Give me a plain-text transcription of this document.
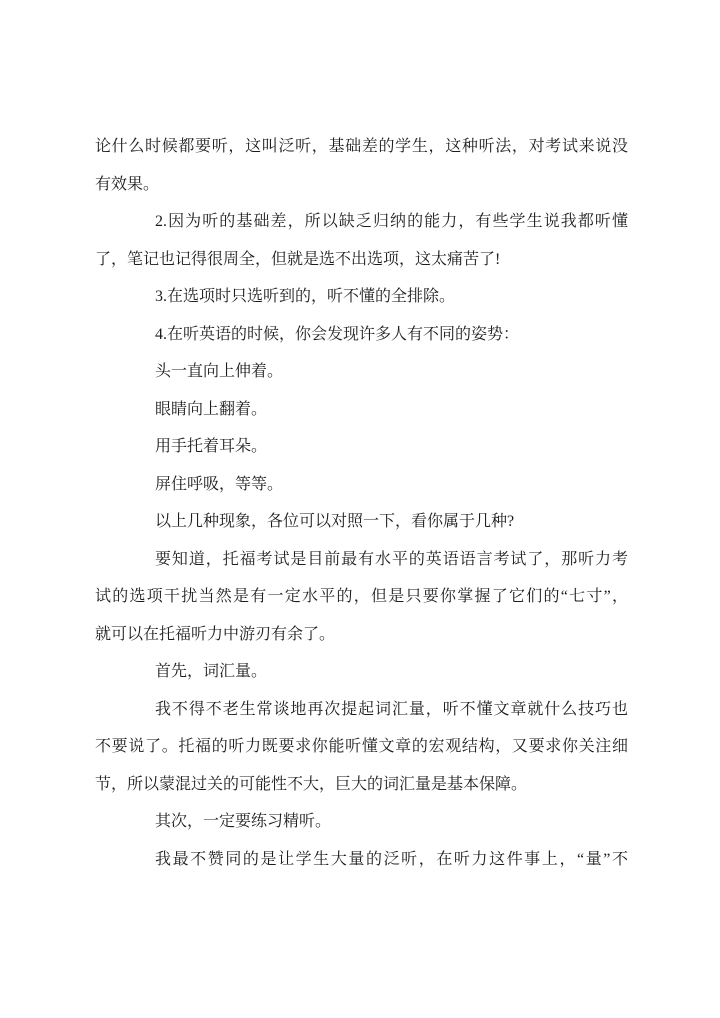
论什么时候都要听，这叫泛听，基础差的学生，这种听法，对考试来说没
有效果。
2.因为听的基础差，所以缺乏归纳的能力，有些学生说我都听懂
了，笔记也记得很周全，但就是选不出选项，这太痛苦了!
3.在选项时只选听到的，听不懂的全排除。
4.在听英语的时候，你会发现许多人有不同的姿势：
头一直向上伸着。
眼睛向上翻着。
用手托着耳朵。
屏住呼吸，等等。
以上几种现象，各位可以对照一下，看你属于几种?
要知道，托福考试是目前最有水平的英语语言考试了，那听力考
试的选项干扰当然是有一定水平的，但是只要你掌握了它们的“七寸”，
就可以在托福听力中游刃有余了。
首先，词汇量。
我不得不老生常谈地再次提起词汇量，听不懂文章就什么技巧也
不要说了。托福的听力既要求你能听懂文章的宏观结构，又要求你关注细
节，所以蒙混过关的可能性不大，巨大的词汇量是基本保障。
其次，一定要练习精听。
我最不赞同的是让学生大量的泛听，在听力这件事上，“量”不
